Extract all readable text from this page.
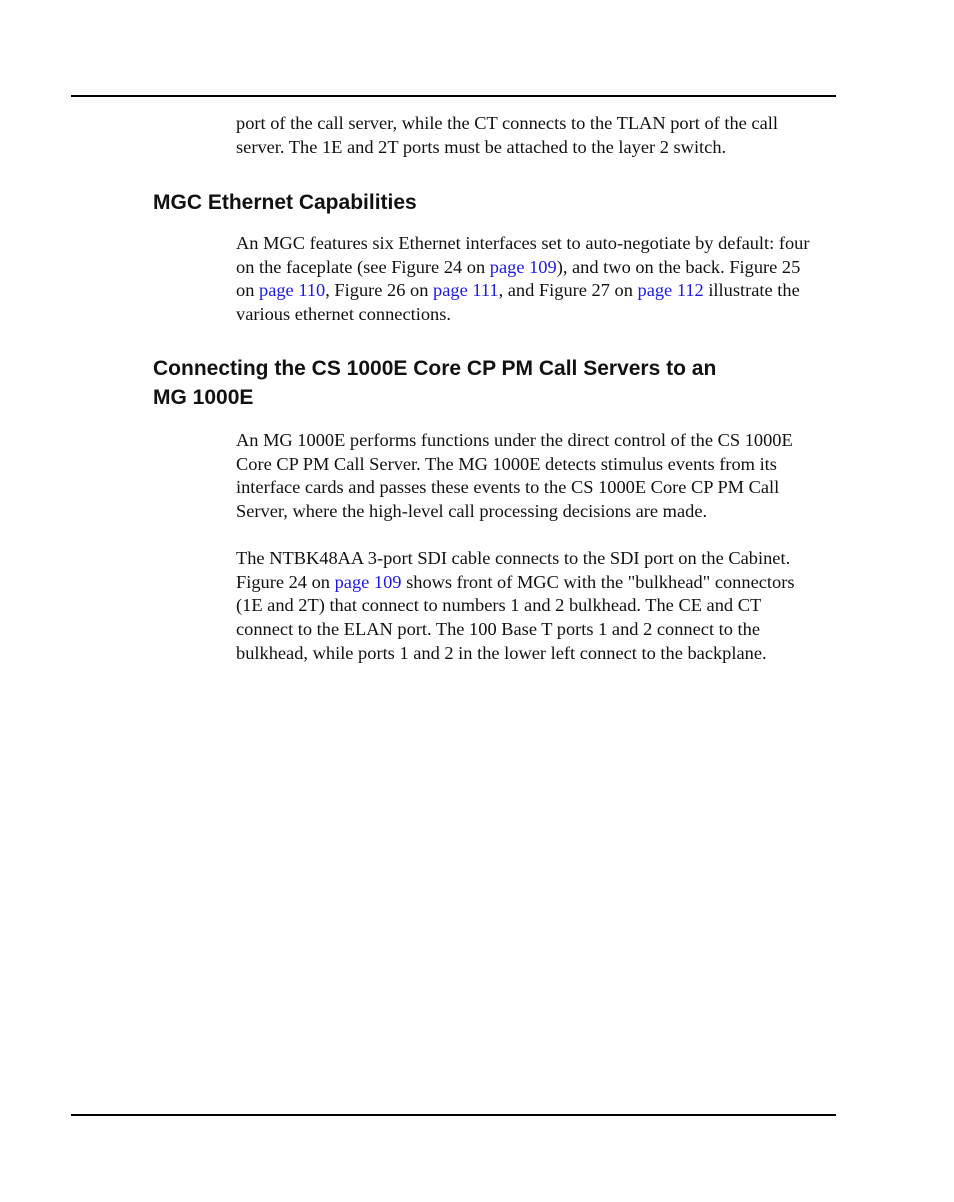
port of the call server, while the CT connects to the TLAN port of the call
server. The 1E and 2T ports must be attached to the layer 2 switch.

MGC Ethernet Capabilities

An MGC features six Ethernet interfaces set to auto-negotiate by default: four
on the faceplate (see Figure 24 on page 109), and two on the back. Figure 25
on page 110, Figure 26 on page 111, and Figure 27 on page 112 illustrate the
various ethernet connections.

Connecting the CS 1000E Core CP PM Call Servers to an
MG 1000E

An MG 1000E performs functions under the direct control of the CS 1000E
Core CP PM Call Server. The MG 1000E detects stimulus events from its
interface cards and passes these events to the CS 1000E Core CP PM Call
Server, where the high-level call processing decisions are made.

The NTBK48AA 3-port SDI cable connects to the SDI port on the Cabinet.
Figure 24 on page 109 shows front of MGC with the "bulkhead" connectors
(1E and 2T) that connect to numbers 1 and 2 bulkhead. The CE and CT
connect to the ELAN port. The 100 Base T ports 1 and 2 connect to the
bulkhead, while ports 1 and 2 in the lower left connect to the backplane.
